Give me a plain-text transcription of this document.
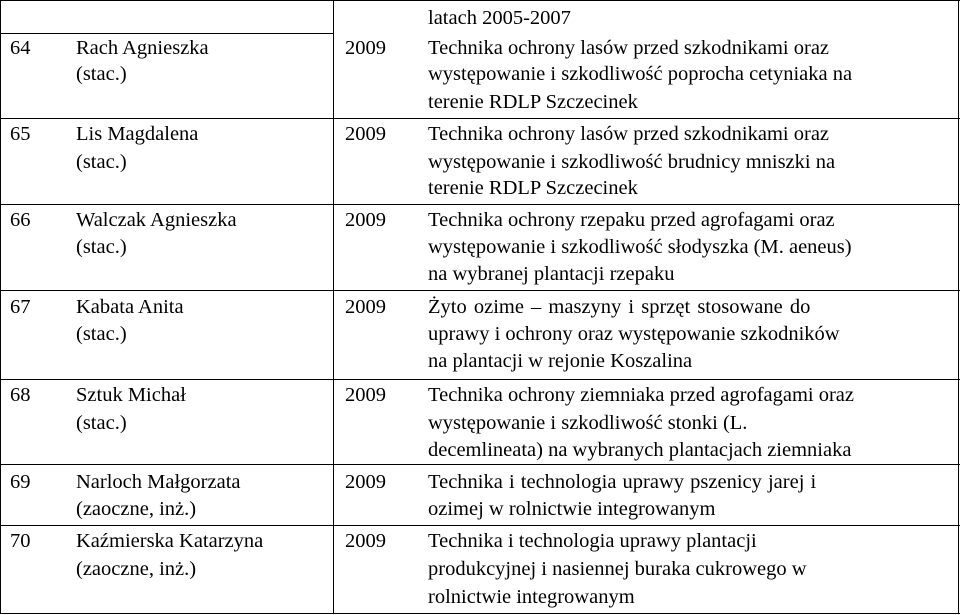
latach 2005-2007
64 Rach Agnieszka
(stac.)
2009 Technika ochrony lasów przed szkodnikami oraz
występowanie i szkodliwość poprocha cetyniaka na
terenie RDLP Szczecinek
65 Lis Magdalena
(stac.)
2009 Technika ochrony lasów przed szkodnikami oraz
występowanie i szkodliwość brudnicy mniszki na
terenie RDLP Szczecinek
66 Walczak Agnieszka
(stac.)
2009 Technika ochrony rzepaku przed agrofagami oraz
występowanie i szkodliwość słodyszka (M. aeneus)
na wybranej plantacji rzepaku
67 Kabata Anita
(stac.)
2009 Żyto ozime – maszyny i sprzęt stosowane do
uprawy i ochrony oraz występowanie szkodników
na plantacji w rejonie Koszalina
68 Sztuk Michał
(stac.)
2009 Technika ochrony ziemniaka przed agrofagami oraz
występowanie i szkodliwość stonki (L.
decemlineata) na wybranych plantacjach ziemniaka
69 Narloch Małgorzata
(zaoczne, inż.)
2009 Technika i technologia uprawy pszenicy jarej i
ozimej w rolnictwie integrowanym
70 Kaźmierska Katarzyna
(zaoczne, inż.)
2009 Technika i technologia uprawy plantacji
produkcyjnej i nasiennej buraka cukrowego w
rolnictwie integrowanym
